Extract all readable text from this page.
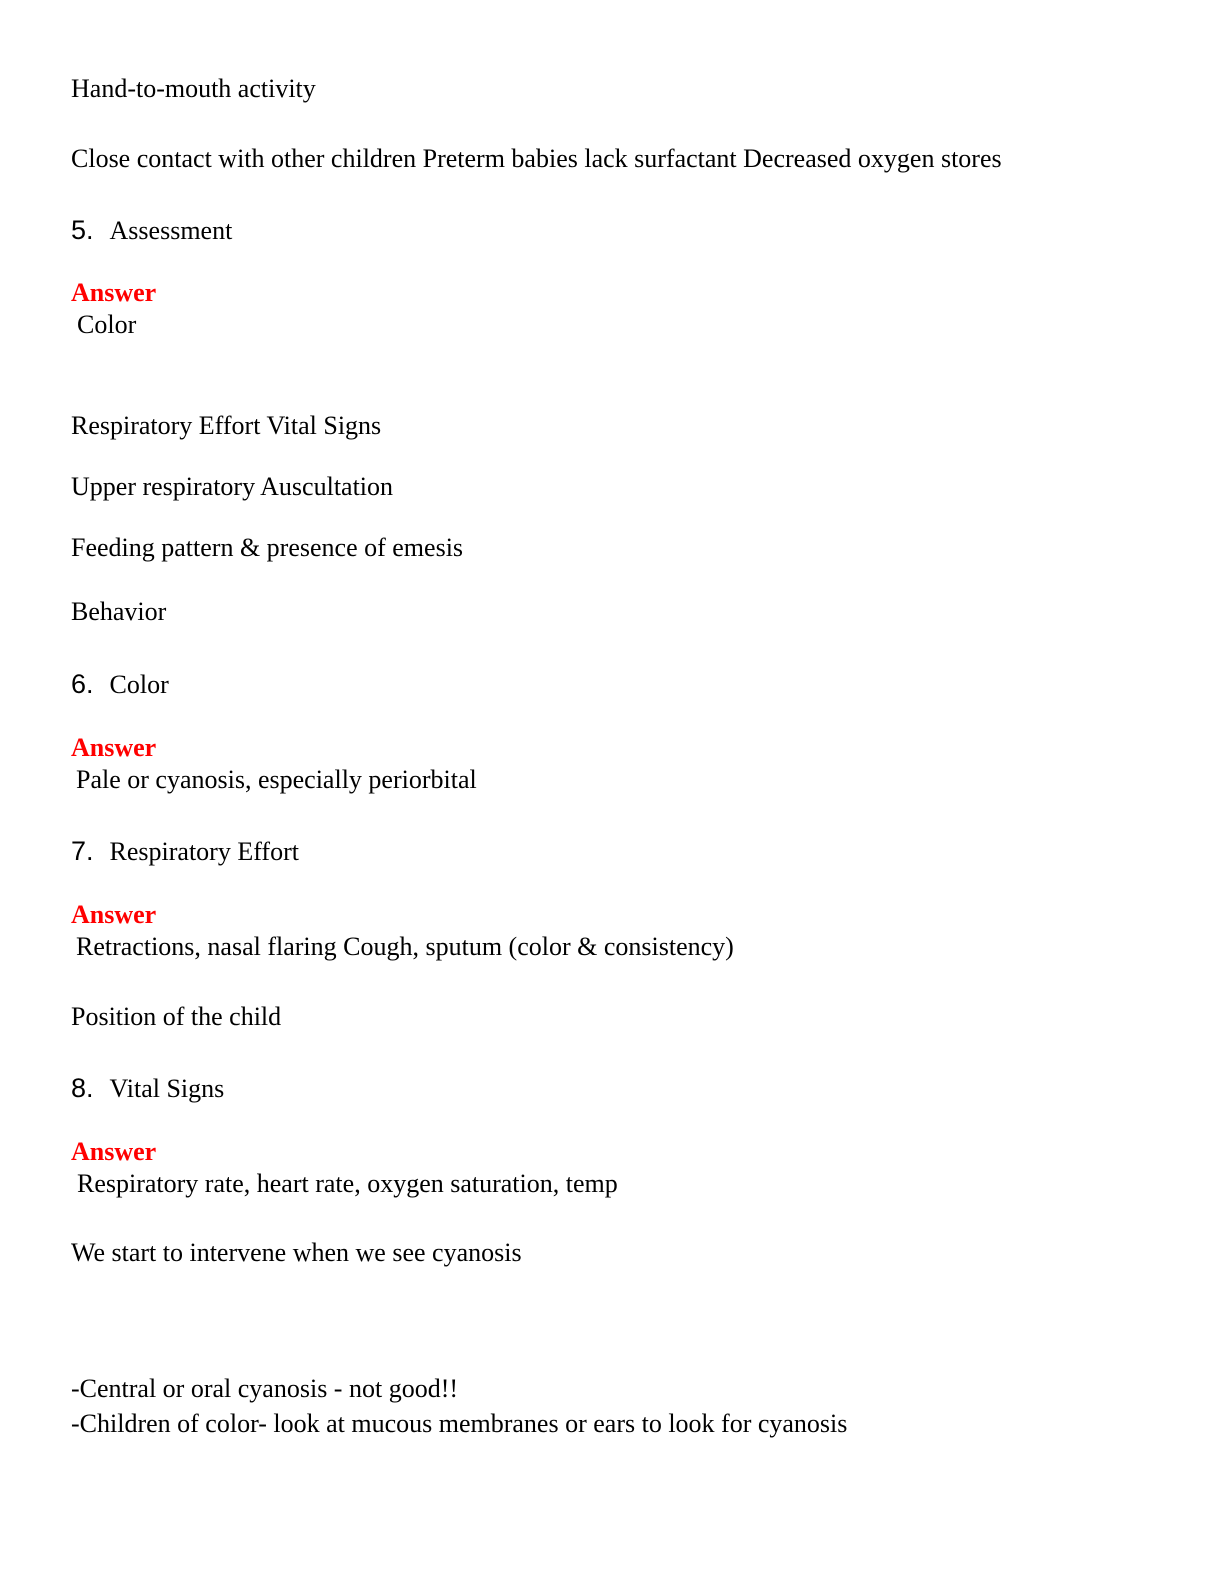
Hand-to-mouth activity
Close contact with other children Preterm babies lack surfactant Decreased oxygen stores
5. Assessment
Answer
Color
Respiratory Effort Vital Signs
Upper respiratory Auscultation
Feeding pattern & presence of emesis
Behavior
6. Color
Answer
Pale or cyanosis, especially periorbital
7. Respiratory Effort
Answer
Retractions, nasal flaring Cough, sputum (color & consistency)
Position of the child
8. Vital Signs
Answer
Respiratory rate, heart rate, oxygen saturation, temp
We start to intervene when we see cyanosis
-Central or oral cyanosis - not good!!
-Children of color- look at mucous membranes or ears to look for cyanosis
